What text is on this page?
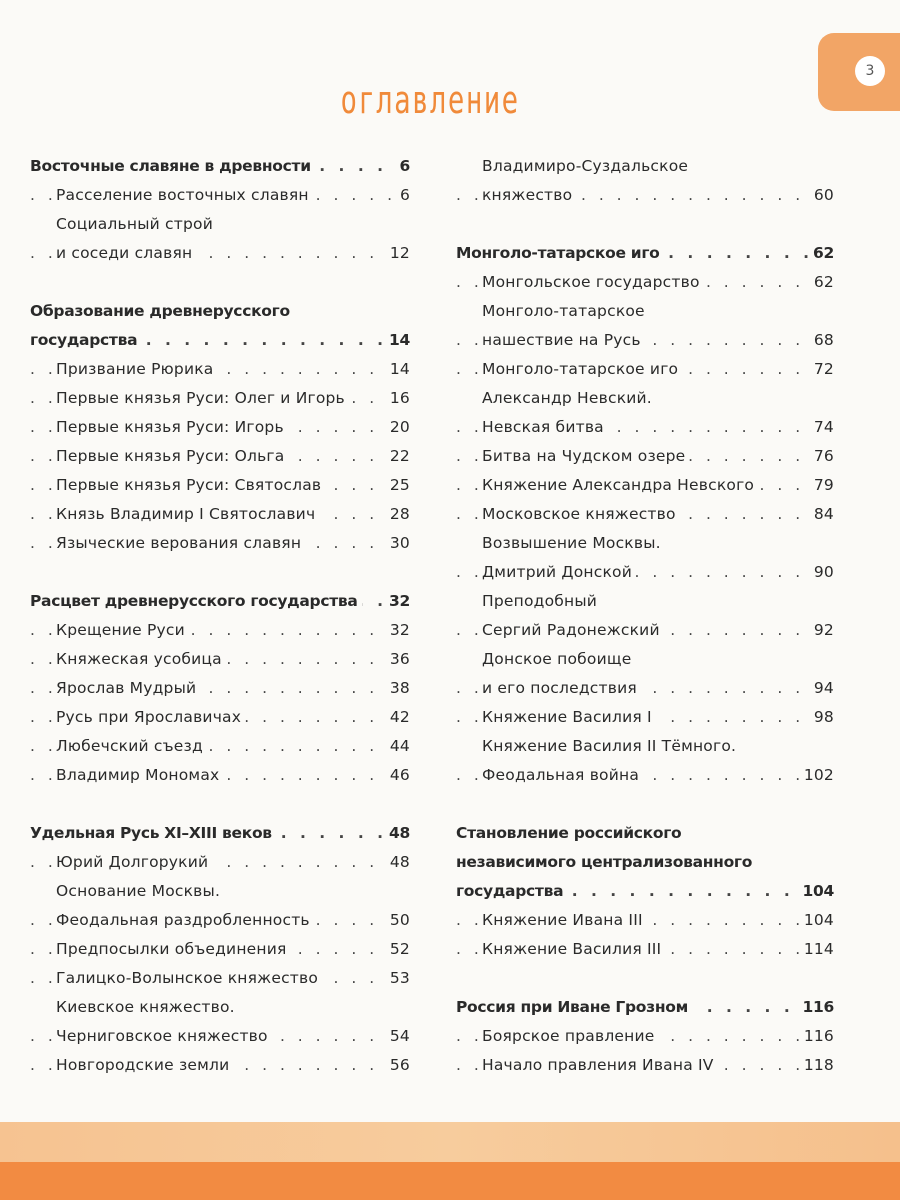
3
оглавление
. . .
Восточные славяне в древности	6
. . .
Расселение восточных славян	6
Социальный строй
. . .
и соседи славян	12
Образование древнерусского
. . .
государства	14
. . .
Призвание Рюрика	14
. . .
Первые князья Руси: Олег и Игорь	16
. . .
Первые князья Руси: Игорь	20
. . .
Первые князья Руси: Ольга	22
. . .
Первые князья Руси: Святослав	25
. . .
Князь Владимир I Святославич	28
. . .
Языческие верования славян	30
. . .
Расцвет древнерусского государства 32
. . .
Крещение Руси	32
. . .
Княжеская усобица	36
. . .
Ярослав Мудрый	38
. . .
Русь при Ярославичах	42
. . .
Любечский съезд	44
. . .
Владимир Мономах	46
. . .
Удельная Русь XI–XIII веков	48
. . .
Юрий Долгорукий	48
Основание Москвы.
. . .
Феодальная раздробленность	50
. . .
Предпосылки объединения	52
. . .
Галицко-Волынское княжество	53
Киевское княжество.
. . .
Черниговское княжество	54
. . .
Новгородские земли	56
Владимиро-Суздальское
. . .
княжество	60
. . .
Монголо-татарское иго	62
. . .
Монгольское государство	62
Монголо-татарское
. . .
нашествие на Русь	68
. . .
Монголо-татарское иго	72
Александр Невский.
. . .
Невская битва	74
. . .
Битва на Чудском озере	76
. . .
Княжение Александра Невского	79
. . .
Московское княжество	84
Возвышение Москвы.
. . .
Дмитрий Донской	90
Преподобный
. . .
Сергий Радонежский	92
Донское побоище
. . .
и его последствия	94
. . .
Княжение Василия I	98
Княжение Василия II Тёмного.
. . .
Феодальная война	102
Становление российского
независимого централизованного
. . .
государства	104
. . .
Княжение Ивана III	104
. . .
Княжение Василия III	114
. . .
Россия при Иване Грозном	116
. . .
Боярское правление	116
. . .
Начало правления Ивана IV	118
